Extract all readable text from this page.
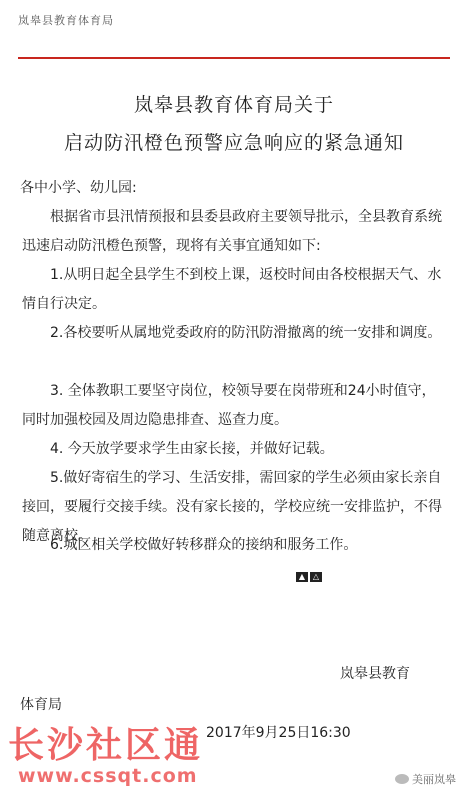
岚皋县教育体育局
岚皋县教育体育局关于
启动防汛橙色预警应急响应的紧急通知
各中小学、幼儿园:
根据省市县汛情预报和县委县政府主要领导批示，全县教育系统迅速启动防汛橙色预警，现将有关事宜通知如下:
1.从明日起全县学生不到校上课，返校时间由各校根据天气、水情自行决定。
2.各校要听从属地党委政府的防汛防滑撤离的统一安排和调度。
3. 全体教职工要坚守岗位，校领导要在岗带班和24小时值守，同时加强校园及周边隐患排查、巡查力度。
4. 今天放学要求学生由家长接，并做好记载。
5.做好寄宿生的学习、生活安排，需回家的学生必须由家长亲自接回，要履行交接手续。没有家长接的，学校应统一安排监护，不得随意离校。
6.城区相关学校做好转移群众的接纳和服务工作。
▲ △
岚皋县教育
体育局
长沙社区通 2017年9月25日16:30
www.cssqt.com	美丽岚皋
